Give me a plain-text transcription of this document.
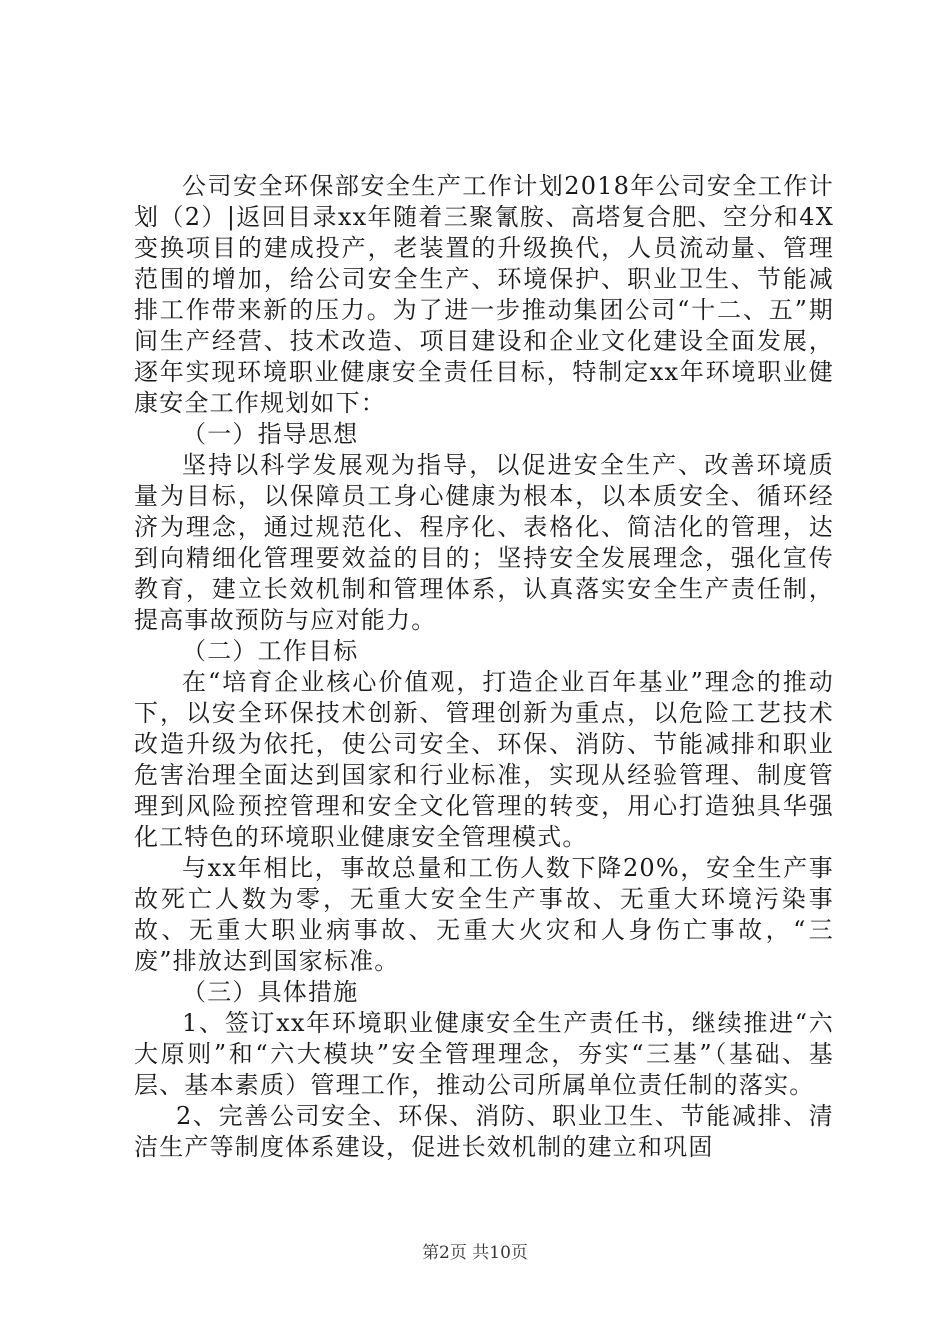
公司安全环保部安全生产工作计划2018年公司安全工作计划（2）|返回目录xx年随着三聚氰胺、高塔复合肥、空分和4X变换项目的建成投产，老装置的升级换代，人员流动量、管理范围的增加，给公司安全生产、环境保护、职业卫生、节能减排工作带来新的压力。为了进一步推动集团公司“十二、五”期间生产经营、技术改造、项目建设和企业文化建设全面发展，逐年实现环境职业健康安全责任目标，特制定xx年环境职业健康安全工作规划如下：

（一）指导思想

坚持以科学发展观为指导，以促进安全生产、改善环境质量为目标，以保障员工身心健康为根本，以本质安全、循环经济为理念，通过规范化、程序化、表格化、简洁化的管理，达到向精细化管理要效益的目的；坚持安全发展理念，强化宣传教育，建立长效机制和管理体系，认真落实安全生产责任制，提高事故预防与应对能力。

（二）工作目标

在“培育企业核心价值观，打造企业百年基业”理念的推动下，以安全环保技术创新、管理创新为重点，以危险工艺技术改造升级为依托，使公司安全、环保、消防、节能减排和职业危害治理全面达到国家和行业标准，实现从经验管理、制度管理到风险预控管理和安全文化管理的转变，用心打造独具华强化工特色的环境职业健康安全管理模式。

与xx年相比，事故总量和工伤人数下降20%，安全生产事故死亡人数为零，无重大安全生产事故、无重大环境污染事故、无重大职业病事故、无重大火灾和人身伤亡事故，“三废”排放达到国家标准。

（三）具体措施

1、签订xx年环境职业健康安全生产责任书，继续推进“六大原则”和“六大模块”安全管理理念，夯实“三基”（基础、基层、基本素质）管理工作，推动公司所属单位责任制的落实。

2、完善公司安全、环保、消防、职业卫生、节能减排、清洁生产等制度体系建设，促进长效机制的建立和巩固

第2页 共10页
